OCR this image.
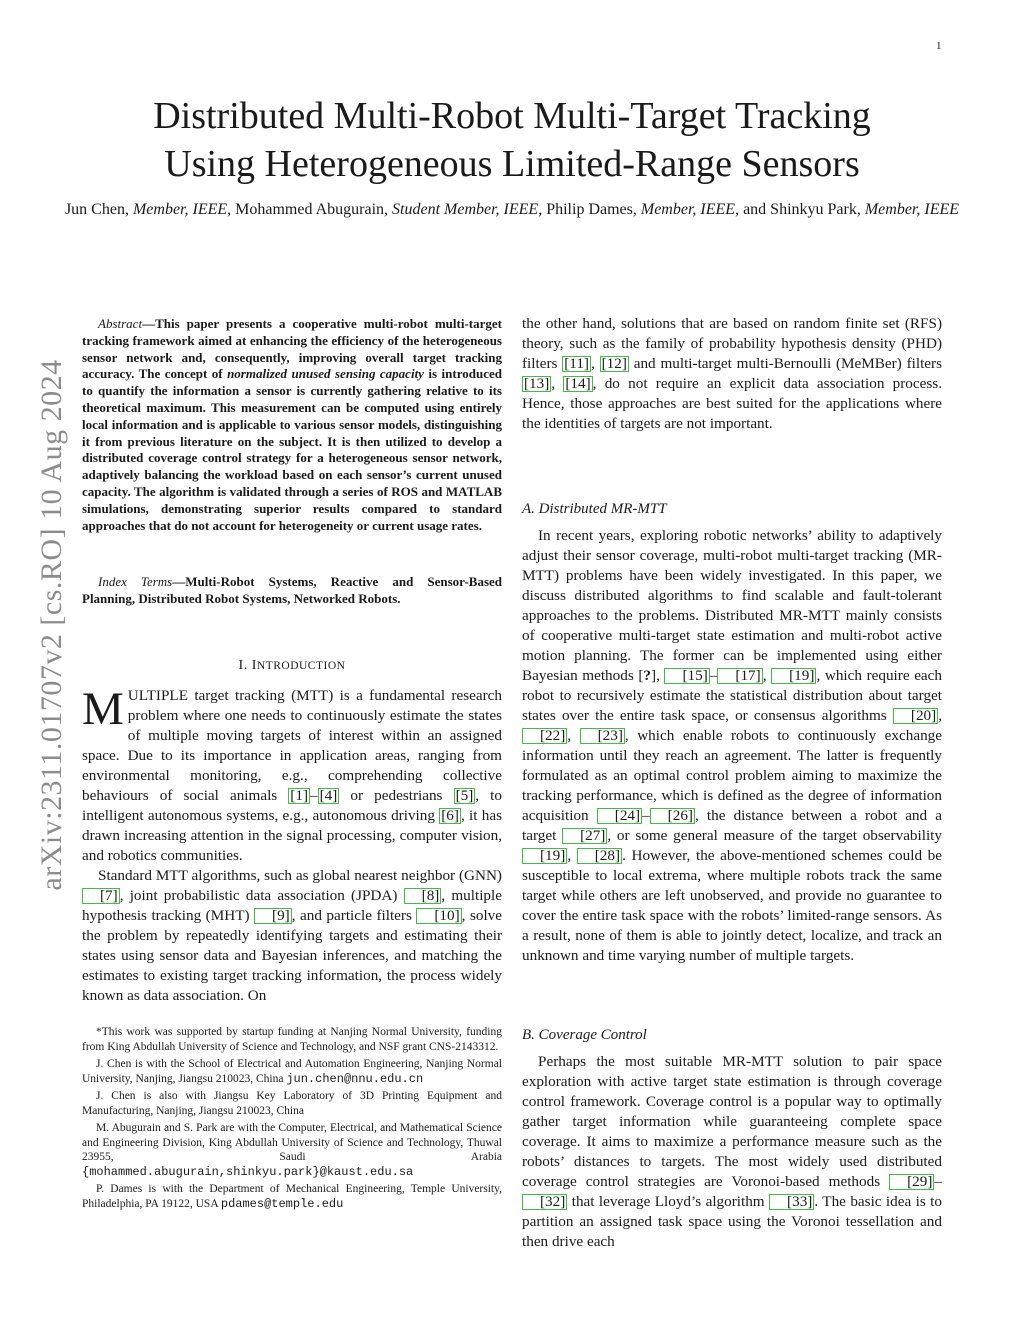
1
arXiv:2311.01707v2 [cs.RO] 10 Aug 2024
Distributed Multi-Robot Multi-Target Tracking
Using Heterogeneous Limited-Range Sensors
Jun Chen, Member, IEEE, Mohammed Abugurain, Student Member, IEEE, Philip Dames, Member, IEEE, and Shinkyu Park, Member, IEEE
Abstract—This paper presents a cooperative multi-robot multi-target tracking framework aimed at enhancing the efficiency of the heterogeneous sensor network and, consequently, improving overall target tracking accuracy. The concept of normalized unused sensing capacity is introduced to quantify the information a sensor is currently gathering relative to its theoretical maximum. This measurement can be computed using entirely local information and is applicable to various sensor models, distinguishing it from previous literature on the subject. It is then utilized to develop a distributed coverage control strategy for a heterogeneous sensor network, adaptively balancing the workload based on each sensor’s current unused capacity. The algorithm is validated through a series of ROS and MATLAB simulations, demonstrating superior results compared to standard approaches that do not account for heterogeneity or current usage rates.
Index Terms—Multi-Robot Systems, Reactive and Sensor-Based Planning, Distributed Robot Systems, Networked Robots.
I. INTRODUCTION

MULTIPLE target tracking (MTT) is a fundamental research problem where one needs to continuously estimate the states of multiple moving targets of interest within an assigned space. Due to its importance in application areas, ranging from environmental monitoring, e.g., comprehending collective behaviours of social animals [1] – [4] or pedestrians [5] , to intelligent autonomous systems, e.g., autonomous driving [6] , it has drawn increasing attention in the signal processing, computer vision, and robotics communities.

Standard MTT algorithms, such as global nearest neighbor (GNN) [7] , joint probabilistic data association (JPDA) [8] , multiple hypothesis tracking (MHT) [9] , and particle filters [10] , solve the problem by repeatedly identifying targets and estimating their states using sensor data and Bayesian inferences, and matching the estimates to existing target tracking information, the process widely known as data association. On

*This work was supported by startup funding at Nanjing Normal University, funding from King Abdullah University of Science and Technology, and NSF grant CNS-2143312.

J. Chen is with the School of Electrical and Automation Engineering, Nanjing Normal University, Nanjing, Jiangsu 210023, China jun.chen@nnu.edu.cn

J. Chen is also with Jiangsu Key Laboratory of 3D Printing Equipment and Manufacturing, Nanjing, Jiangsu 210023, China

M. Abugurain and S. Park are with the Computer, Electrical, and Mathematical Science and Engineering Division, King Abdullah University of Science and Technology, Thuwal 23955, Saudi Arabia {mohammed.abugurain,shinkyu.park}@kaust.edu.sa

P. Dames is with the Department of Mechanical Engineering, Temple University, Philadelphia, PA 19122, USA pdames@temple.edu

the other hand, solutions that are based on random finite set (RFS) theory, such as the family of probability hypothesis density (PHD) filters [11] , [12] and multi-target multi-Bernoulli (MeMBer) filters [13] , [14] , do not require an explicit data association process. Hence, those approaches are best suited for the applications where the identities of targets are not important.

A. Distributed MR-MTT

In recent years, exploring robotic networks’ ability to adaptively adjust their sensor coverage, multi-robot multi-target tracking (MR-MTT) problems have been widely investigated. In this paper, we discuss distributed algorithms to find scalable and fault-tolerant approaches to the problems. Distributed MR-MTT mainly consists of cooperative multi-target state estimation and multi-robot active motion planning. The former can be implemented using either Bayesian methods [?], [15] – [17] , [19] , which require each robot to recursively estimate the statistical distribution about target states over the entire task space, or consensus algorithms [20] , [22] , [23] , which enable robots to continuously exchange information until they reach an agreement. The latter is frequently formulated as an optimal control problem aiming to maximize the tracking performance, which is defined as the degree of information acquisition [24] – [26] , the distance between a robot and a target [27] , or some general measure of the target observability [19] , [28] . However, the above-mentioned schemes could be susceptible to local extrema, where multiple robots track the same target while others are left unobserved, and provide no guarantee to cover the entire task space with the robots’ limited-range sensors. As a result, none of them is able to jointly detect, localize, and track an unknown and time varying number of multiple targets.

B. Coverage Control

Perhaps the most suitable MR-MTT solution to pair space exploration with active target state estimation is through coverage control framework. Coverage control is a popular way to optimally gather target information while guaranteeing complete space coverage. It aims to maximize a performance measure such as the robots’ distances to targets. The most widely used distributed coverage control strategies are Voronoi-based methods [29] –[32] that leverage Lloyd’s algorithm [33] . The basic idea is to partition an assigned task space using the Voronoi tessellation and then drive each
